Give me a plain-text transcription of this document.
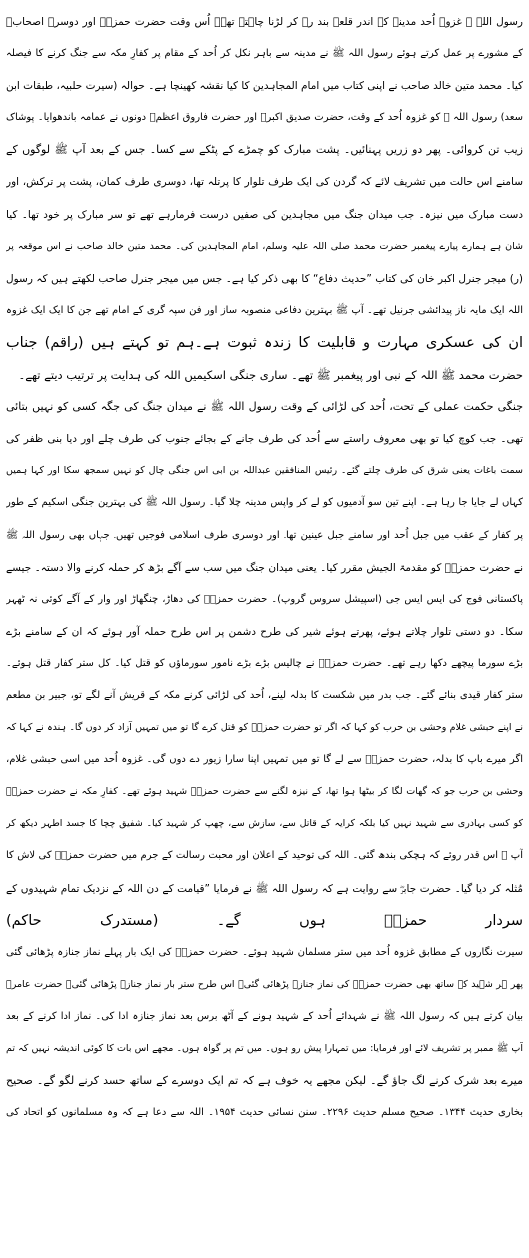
رسول اللہ ﷺ غزوہ اُحد مدینہ کے اندر قلعہ بند رہ کر لڑنا چاہتے تھے۔ اُس وقت حضرت حمزہؓ اور دوسرے اصحابؓ
کے مشورے پر عمل کرتے ہوئے رسول اللہ ﷺ نے مدینہ سے باہر نکل کر اُحد کے مقام پر کفارِ مکہ سے جنگ کرنے کا فیصلہ
کیا۔ محمد متین خالد صاحب نے اپنی کتاب میں امام المجاہدین کا کیا نقشہ کھینچا ہے۔ حوالہ (سیرت حلبیہ، طبقات ابن
سعد) رسول اللہ ﷺ کو غزوہ اُحد کے وقت، حضرت صدیق اکبرؓ اور حضرت فاروق اعظمؓ دونوں نے عمامہ باندھوایا۔ پوشاک
زیب تن کروائی۔ پھر دو زریں پہنائیں۔ پشت مبارک کو چمڑے کے پٹکے سے کسا۔ جس کے بعد آپ ﷺ لوگوں کے
سامنے اس حالت میں تشریف لائے کہ گردن کی ایک طرف تلوار کا پرتلہ تھا، دوسری طرف کمان، پشت پر ترکش، اور
دست مبارک میں نیزہ۔ جب میدان جنگ میں مجاہدین کی صفیں درست فرمارہے تھے تو سر مبارک پر خود تھا۔ کیا
شان ہے ہمارے پیارے پیغمبر حضرت محمد صلی اللہ علیہ وسلم، امام المجاہدین کی۔ محمد متین خالد صاحب نے اس موقعہ پر
(ر) میجر جنرل اکبر خان کی کتاب ”حدیث دفاع“ کا بھی ذکر کیا ہے۔ جس میں میجر جنرل صاحب لکھتے ہیں کہ رسول
اللہ ایک مایہ ناز پیدائشی جرنیل تھے۔ آپ ﷺ بہترین دفاعی منصوبہ ساز اور فن سپہ گری کے امام تھے جن کا ایک ایک غزوہ
ان کی عسکری مہارت و قابلیت کا زندہ ثبوت ہے۔ہم تو کہتے ہیں (راقم) جناب
حضرت محمد ﷺ اللہ کے نبی اور پیغمبر ﷺ تھے۔ ساری جنگی اسکیمیں اللہ کی ہدایت پر ترتیب دیتے تھے۔
جنگی حکمت عملی کے تحت، اُحد کی لڑائی کے وقت رسول اللہ ﷺ نے میدان جنگ کی جگہ کسی کو نہیں بتائی
تھی۔ جب کوچ کیا تو بھی معروف راستے سے اُحد کی طرف جانے کے بجائے جنوب کی طرف چلے اور دیا بنی ظفر کی
سمت باغات یعنی شرق کی طرف چلتے گئے۔ رئیس المنافقین عبداللہ بن ابی اس جنگی چال کو نہیں سمجھ سکا اور کہا ہمیں
کہاں لے جایا جا رہا ہے۔ اپنے تین سو آدمیوں کو لے کر واپس مدینہ چلا گیا۔ رسول اللہ ﷺ کی بہترین جنگی اسکیم کے طور
پر کفار کے عقب میں جبل اُحد اور سامنے جبل عینین تھا۔ اور دوسری طرف اسلامی فوجیں تھیں۔ جہاں بھی رسول اللہ ﷺ
نے حضرت حمزہؓ کو مقدمۃ الجیش مقرر کیا۔ یعنی میدان جنگ میں سب سے آگے بڑھ کر حملہ کرنے والا دستہ۔ جیسے
پاکستانی فوج کی ایس ایس جی (اسپیشل سروس گروپ)۔ حضرت حمزہؓ کی دھاڑ، چنگھاڑ اور وار کے آگے کوئی نہ ٹھہر
سکا۔ دو دستی تلوار چلاتے ہوئے، پھرتے ہوئے شیر کی طرح دشمن پر اس طرح حملہ آور ہوئے کہ ان کے سامنے بڑے
بڑے سورما پیچھے دکھا رہے تھے۔ حضرت حمزہؓ نے چالیس بڑے بڑے نامور سورماؤں کو قتل کیا۔ کل ستر کفار قتل ہوئے۔
ستر کفار قیدی بنائے گئے۔ جب بدر میں شکست کا بدلہ لینے، اُحد کی لڑائی کرنے مکہ کے قریش آنے لگے تو، جبیر بن مطعم
نے اپنے حبشی غلام وحشی بن حرب کو کہا کہ اگر تو حضرت حمزہؓ کو قتل کرے گا تو میں تمہیں آزاد کر دوں گا۔ ہندہ نے کہا کہ
اگر میرے باپ کا بدلہ، حضرت حمزہؓ سے لے گا تو میں تمہیں اپنا سارا زیور دے دوں گی۔ غزوہ اُحد میں اسی حبشی غلام،
وحشی بن حرب جو کہ گھات لگا کر بیٹھا ہوا تھا، کے نیزہ لگنے سے حضرت حمزہؓ شہید ہوئے تھے۔ کفارِ مکہ نے حضرت حمزہؓ
کو کسی بہادری سے شہید نہیں کیا بلکہ کرایہ کے قاتل سے، سازش سے، چھپ کر شہید کیا۔ شفیق چچا کا جسد اطہر دیکھ کر
آپ ﷺ اس قدر روئے کہ ہچکی بندھ گئی۔ اللہ کی توحید کے اعلان اور محبت رسالت کے جرم میں حضرت حمزہؓ کی لاش کا
مُثلہ کر دیا گیا۔ حضرت جابرؓ سے روایت ہے کہ رسول اللہ ﷺ نے فرمایا ”قیامت کے دن اللہ کے نزدیک تمام شہیدوں کے
سردار حمزہؓ ہوں گے۔ (مستدرک حاکم)
سیرت نگاروں کے مطابق غزوہ اُحد میں ستر مسلمان شہید ہوئے۔ حضرت حمزہؓ کی ایک بار پہلے نماز جنازہ پڑھائی گئی
پھر ہر شہید کے ساتھ بھی حضرت حمزہؓ کی نماز جنازہ پڑھائی گئی۔ اس طرح ستر بار نماز جنازہ پڑھائی گئی۔ حضرت عامرؓ
بیان کرتے ہیں کہ رسول اللہ ﷺ نے شہدائے اُحد کے شہید ہونے کے آٹھ برس بعد نماز جنازہ ادا کی۔ نماز ادا کرنے کے بعد
آپ ﷺ ممبر پر تشریف لائے اور فرمایا: میں تمہارا پیش رو ہوں۔ میں تم پر گواہ ہوں۔ مجھے اس بات کا کوئی اندیشہ نہیں کہ تم
میرے بعد شرک کرنے لگ جاؤ گے۔ لیکن مجھے یہ خوف ہے کہ تم ایک دوسرے کے ساتھ حسد کرنے لگو گے۔ صحیح
بخاری حدیث ۱۳۴۴۔ صحیح مسلم حدیث ۲۲۹۶۔ سنن نسائی حدیث ۱۹۵۴۔ اللہ سے دعا ہے کہ وہ مسلمانوں کو اتحاد کی
